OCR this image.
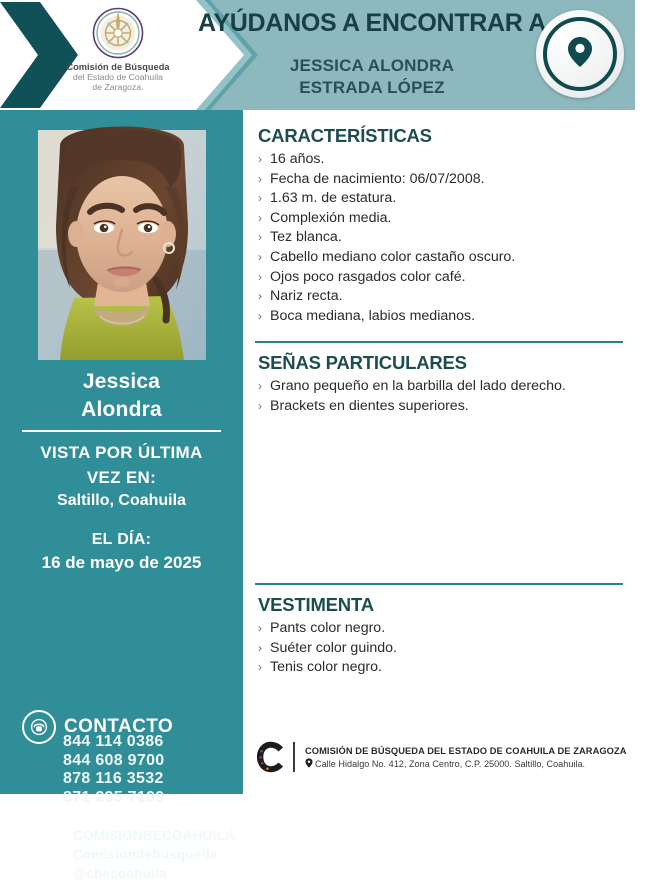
Comisión de Búsqueda
del Estado de Coahuila
de Zaragoza.
AYÚDANOS A ENCONTRAR A
JESSICA ALONDRA
ESTRADA LÓPEZ
Jessica
Alondra
VISTA POR ÚLTIMA
VEZ EN:
Saltillo, Coahuila
EL DÍA:
16 de mayo de 2025
CONTACTO
844 114 0386
844 608 9700
878 116 3532
871 235 7199
REDES SOCIALES
COMISIONBECOAHUILA
Comisiondebusqueda
@cbecoahuila
CARACTERÍSTICAS
› 16 años.
› Fecha de nacimiento: 06/07/2008.
› 1.63 m. de estatura.
› Complexión media.
› Tez blanca.
› Cabello mediano color castaño oscuro.
› Ojos poco rasgados color café.
› Nariz recta.
› Boca mediana, labios medianos.
SEÑAS PARTICULARES
› Grano pequeño en la barbilla del lado derecho.
› Brackets en dientes superiores.
VESTIMENTA
› Pants color negro.
› Suéter color guindo.
› Tenis color negro.
COMISIÓN DE BÚSQUEDA DEL ESTADO DE COAHUILA DE ZARAGOZA
Calle Hidalgo No. 412, Zona Centro, C.P. 25000. Saltillo, Coahuila.
